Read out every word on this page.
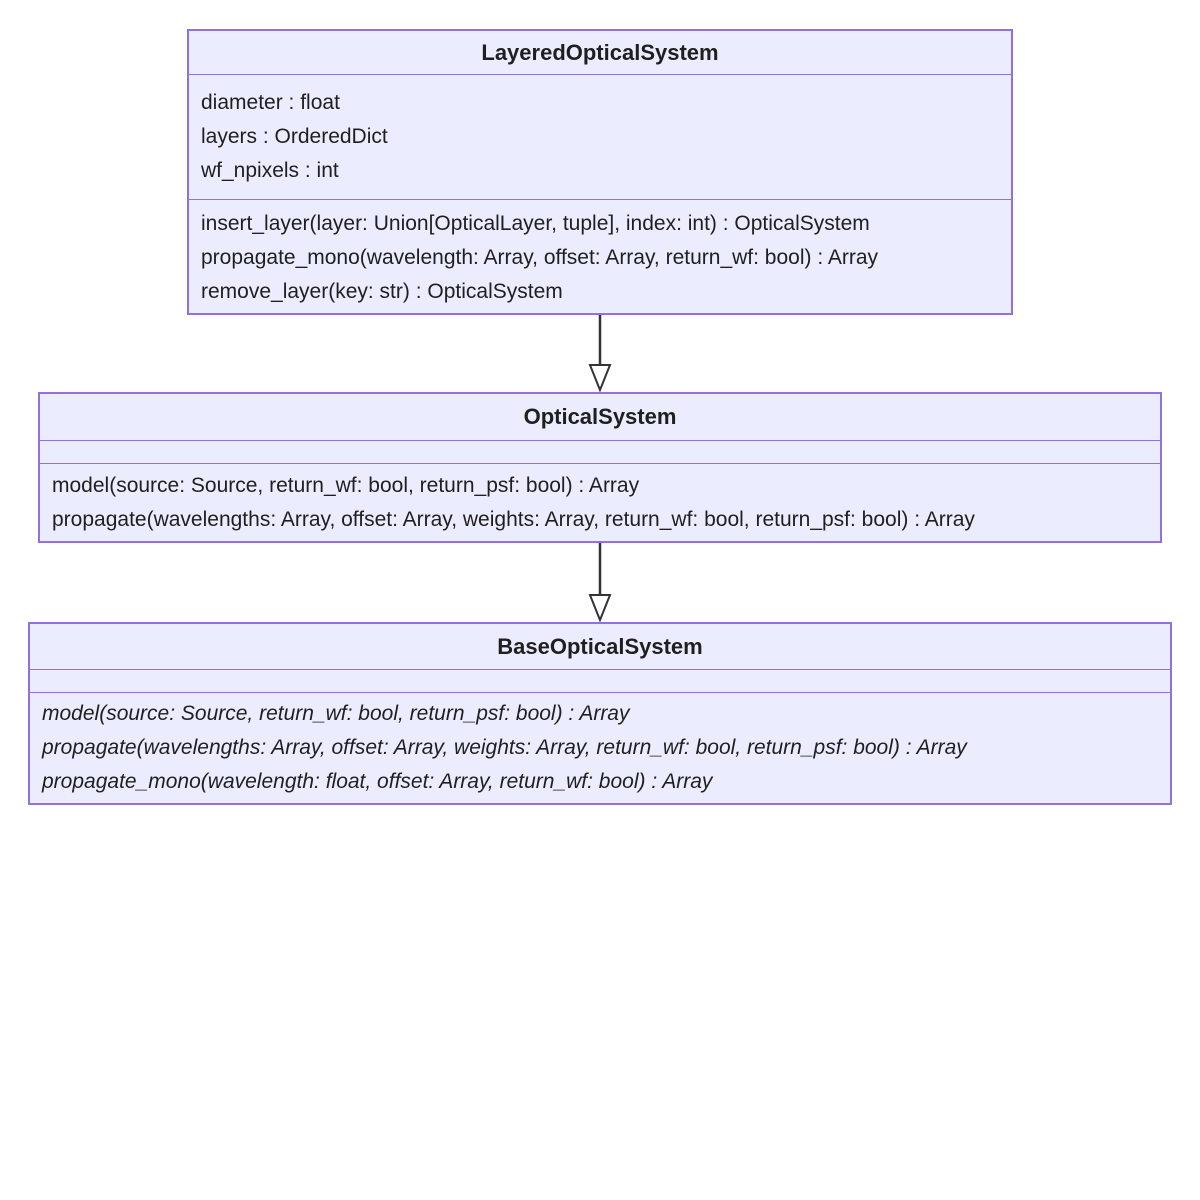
LayeredOpticalSystem
diameter : float
layers : OrderedDict
wf_npixels : int
insert_layer(layer: Union[OpticalLayer, tuple], index: int) : OpticalSystem
propagate_mono(wavelength: Array, offset: Array, return_wf: bool) : Array
remove_layer(key: str) : OpticalSystem
OpticalSystem
model(source: Source, return_wf: bool, return_psf: bool) : Array
propagate(wavelengths: Array, offset: Array, weights: Array, return_wf: bool, return_psf: bool) : Array
BaseOpticalSystem
model(source: Source, return_wf: bool, return_psf: bool) : Array
propagate(wavelengths: Array, offset: Array, weights: Array, return_wf: bool, return_psf: bool) : Array
propagate_mono(wavelength: float, offset: Array, return_wf: bool) : Array
